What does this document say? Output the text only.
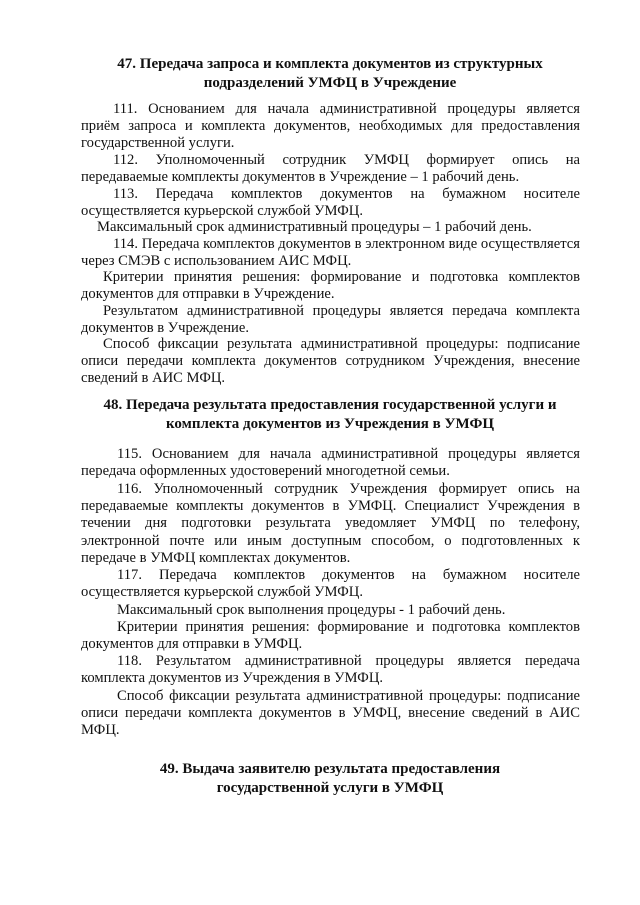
47. Передача запроса и комплекта документов из структурных
подразделений УМФЦ в Учреждение

111. Основанием для начала административной процедуры является приём запроса и комплекта документов, необходимых для предоставления государственной услуги.

112. Уполномоченный сотрудник УМФЦ формирует опись на передаваемые комплекты документов в Учреждение – 1 рабочий день.

113. Передача комплектов документов на бумажном носителе осуществляется курьерской службой УМФЦ.

Максимальный срок административный процедуры – 1 рабочий день.

114. Передача комплектов документов в электронном виде осуществляется через СМЭВ с использованием АИС МФЦ.

Критерии принятия решения: формирование и подготовка комплектов документов для отправки в Учреждение.

Результатом административной процедуры является передача комплекта документов в Учреждение.

Способ фиксации результата административной процедуры: подписание описи передачи комплекта документов сотрудником Учреждения, внесение сведений в АИС МФЦ.

48. Передача результата предоставления государственной услуги и
комплекта документов из Учреждения в УМФЦ

115. Основанием для начала административной процедуры является передача оформленных удостоверений многодетной семьи.

116. Уполномоченный сотрудник Учреждения формирует опись на передаваемые комплекты документов в УМФЦ. Специалист Учреждения в течении дня подготовки результата уведомляет УМФЦ по телефону, электронной почте или иным доступным способом, о подготовленных к передаче в УМФЦ комплектах документов.

117. Передача комплектов документов на бумажном носителе осуществляется курьерской службой УМФЦ.

Максимальный срок выполнения процедуры - 1 рабочий день.

Критерии принятия решения: формирование и подготовка комплектов документов для отправки в УМФЦ.

118. Результатом административной процедуры является передача комплекта документов из Учреждения в УМФЦ.

Способ фиксации результата административной процедуры: подписание описи передачи комплекта документов в УМФЦ, внесение сведений в АИС МФЦ.

49. Выдача заявителю результата предоставления
государственной услуги в УМФЦ
